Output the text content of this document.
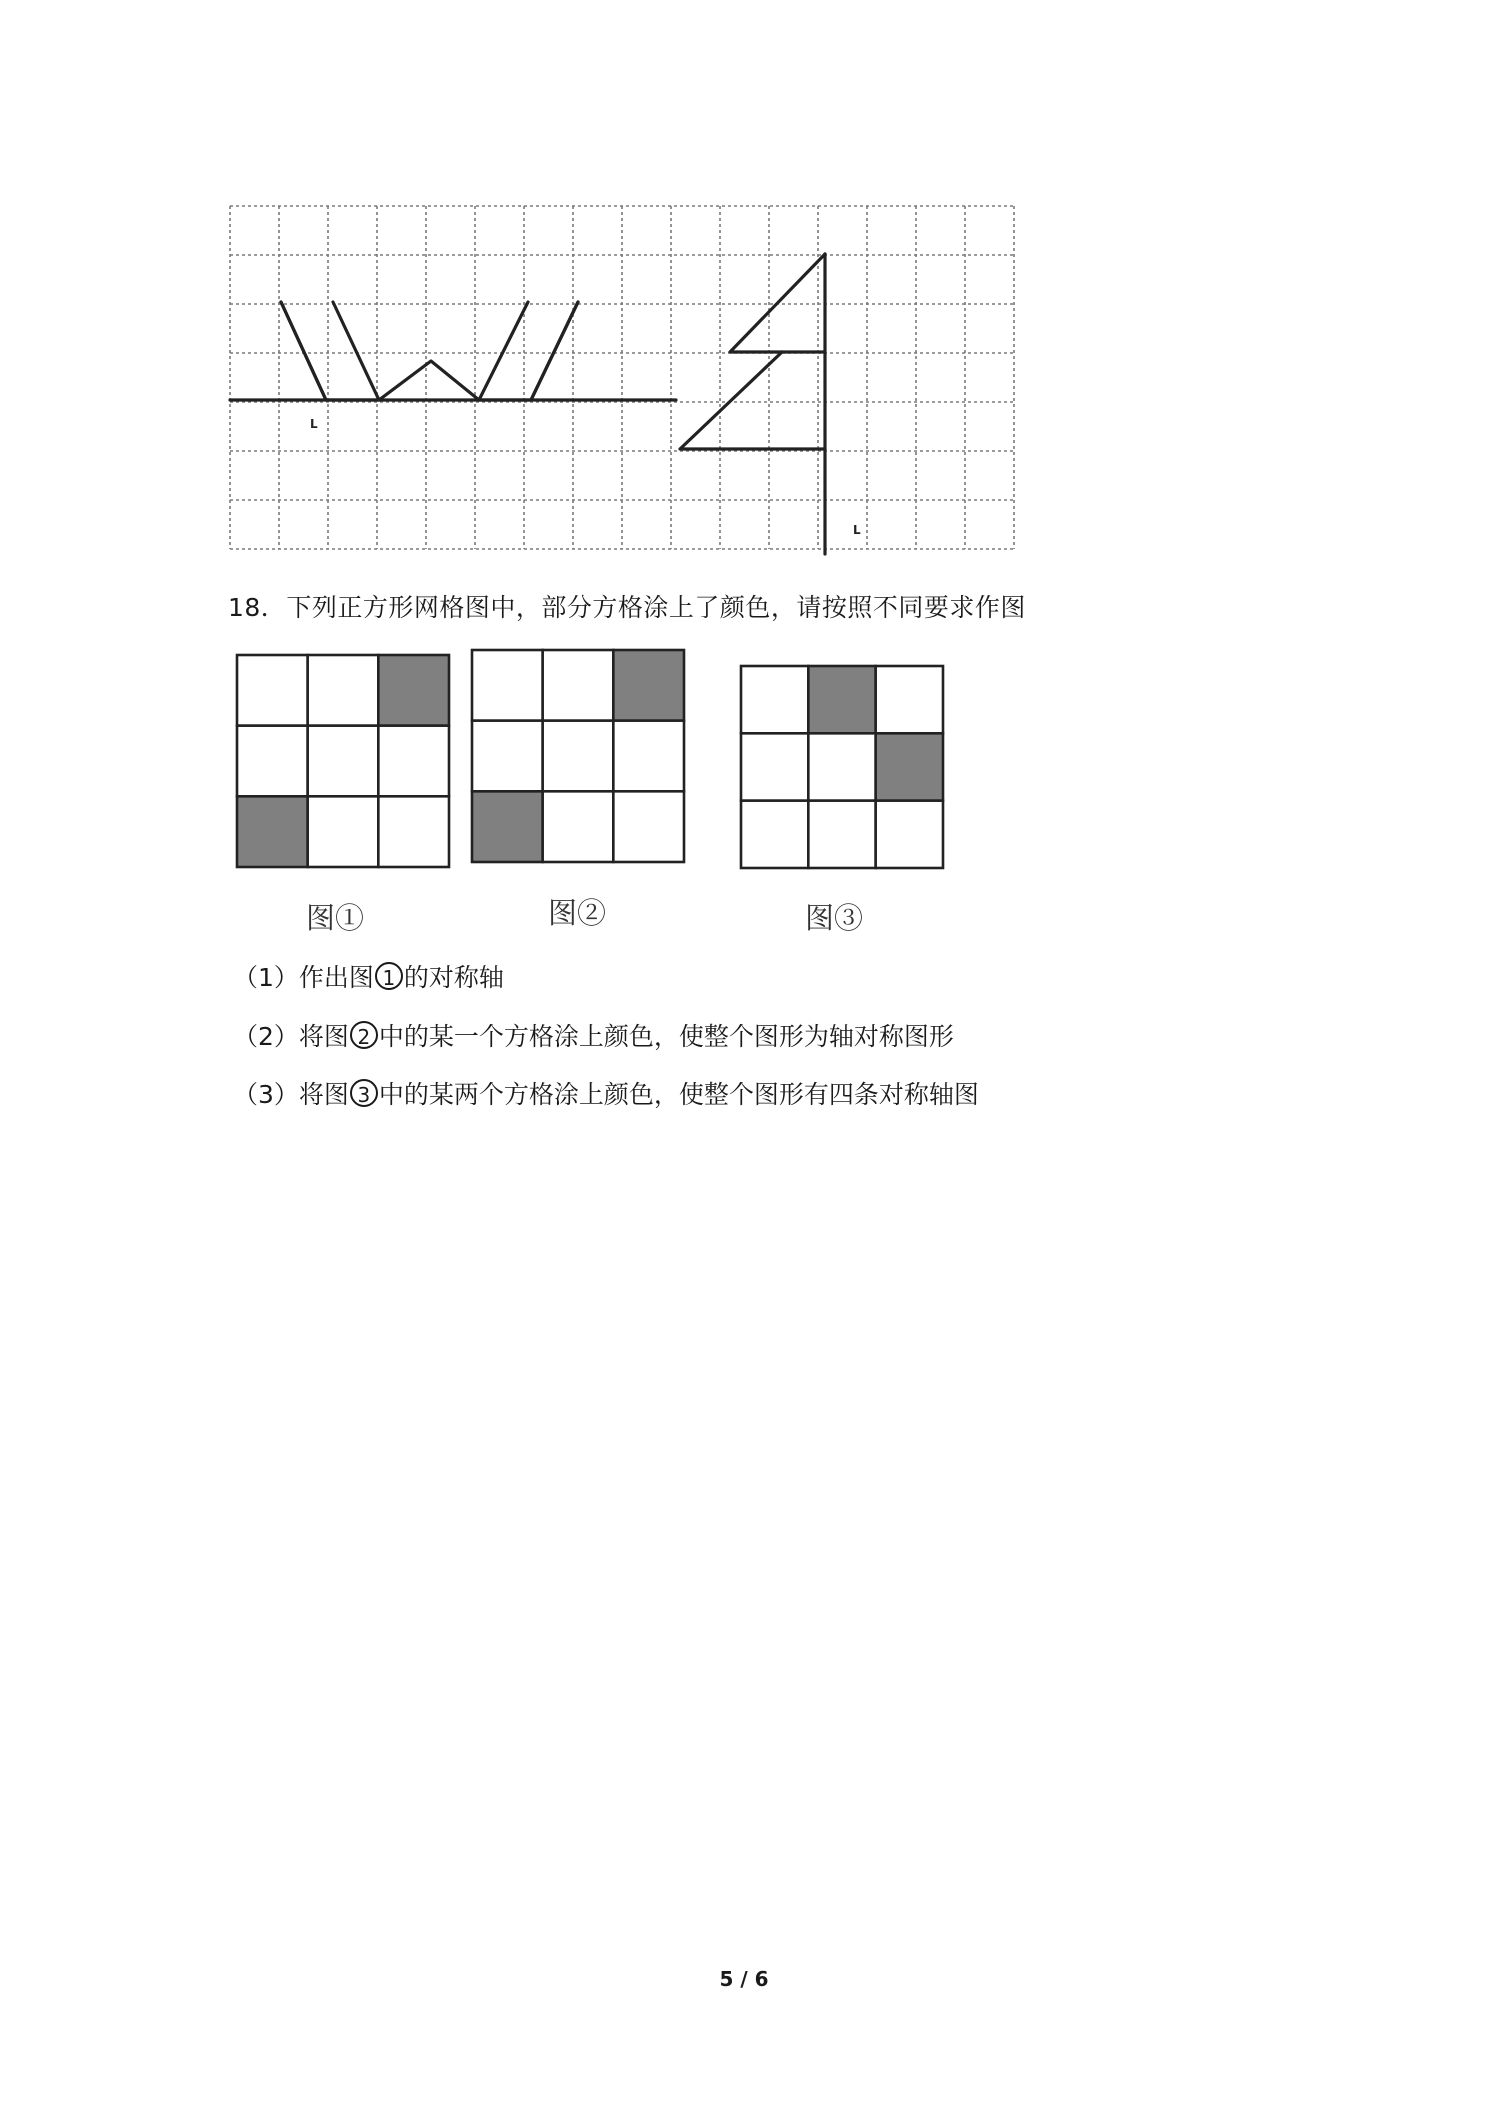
L
L
18．下列正方形网格图中，部分方格涂上了颜色，请按照不同要求作图
图①	图②	图③
（1）作出图 1 的对称轴
（2）将图 2 中的某一个方格涂上颜色，使整个图形为轴对称图形
（3）将图 3 中的某两个方格涂上颜色，使整个图形有四条对称轴图
5 / 6
